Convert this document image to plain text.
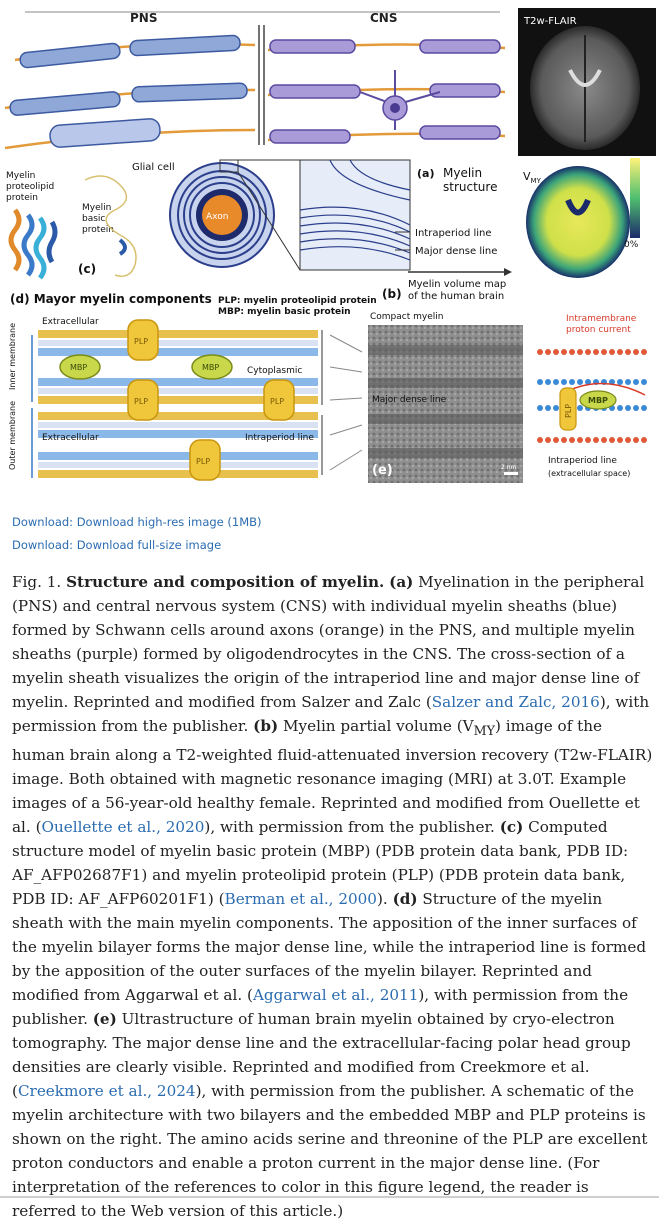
PNS	CNS	T2w-FLAIR
$V_{MY}$
40%
0%
Myelin
proteolipid
protein
Myelin
basic
protein
(c)
Glial cell
Axon
(a) Myelin
structure
Intraperiod line
Major dense line
(b)
Myelin volume map
of the human brain
(d) Mayor myelin components PLP: myelin proteolipid protein
MBP: myelin basic protein
Inner membrane
Outer membrane
Extracellular
Extracellular
Cytoplasmic
Intraperiod line
PLP
PLP	PLP
PLP
MBP	MBP
Compact myelin
Major dense line
(e)	2 nm
Intramembrane
proton current
PLP
MBP
Intraperiod line
(extracellular space)
Download: Download high-res image (1MB)
Download: Download full-size image
Fig. 1. Structure and composition of myelin. (a) Myelination in the peripheral (PNS) and central nervous system (CNS) with individual myelin sheaths (blue) formed by Schwann cells around axons (orange) in the PNS, and multiple myelin sheaths (purple) formed by oligodendrocytes in the CNS. The cross-section of a myelin sheath visualizes the origin of the intraperiod line and major dense line of myelin. Reprinted and modified from Salzer and Zalc (Salzer and Zalc, 2016), with permission from the publisher. (b) Myelin partial volume $(V_{MY})$ image of the human brain along a T2-weighted fluid-attenuated inversion recovery (T2w-FLAIR) image. Both obtained with magnetic resonance imaging (MRI) at 3.0T. Example images of a 56-year-old healthy female. Reprinted and modified from Ouellette et al. (Ouellette et al., 2020), with permission from the publisher. (c) Computed structure model of myelin basic protein (MBP) (PDB protein data bank, PDB ID: AF_AFP02687F1) and myelin proteolipid protein (PLP) (PDB protein data bank, PDB ID: AF_AFP60201F1) (Berman et al., 2000). (d) Structure of the myelin sheath with the main myelin components. The apposition of the inner surfaces of the myelin bilayer forms the major dense line, while the intraperiod line is formed by the apposition of the outer surfaces of the myelin bilayer. Reprinted and modified from Aggarwal et al. (Aggarwal et al., 2011), with permission from the publisher. (e) Ultrastructure of human brain myelin obtained by cryo-electron tomography. The major dense line and the extracellular-facing polar head group densities are clearly visible. Reprinted and modified from Creekmore et al. (Creekmore et al., 2024), with permission from the publisher. A schematic of the myelin architecture with two bilayers and the embedded MBP and PLP proteins is shown on the right. The amino acids serine and threonine of the PLP are excellent proton conductors and enable a proton current in the major dense line. (For interpretation of the references to color in this figure legend, the reader is referred to the Web version of this article.)
